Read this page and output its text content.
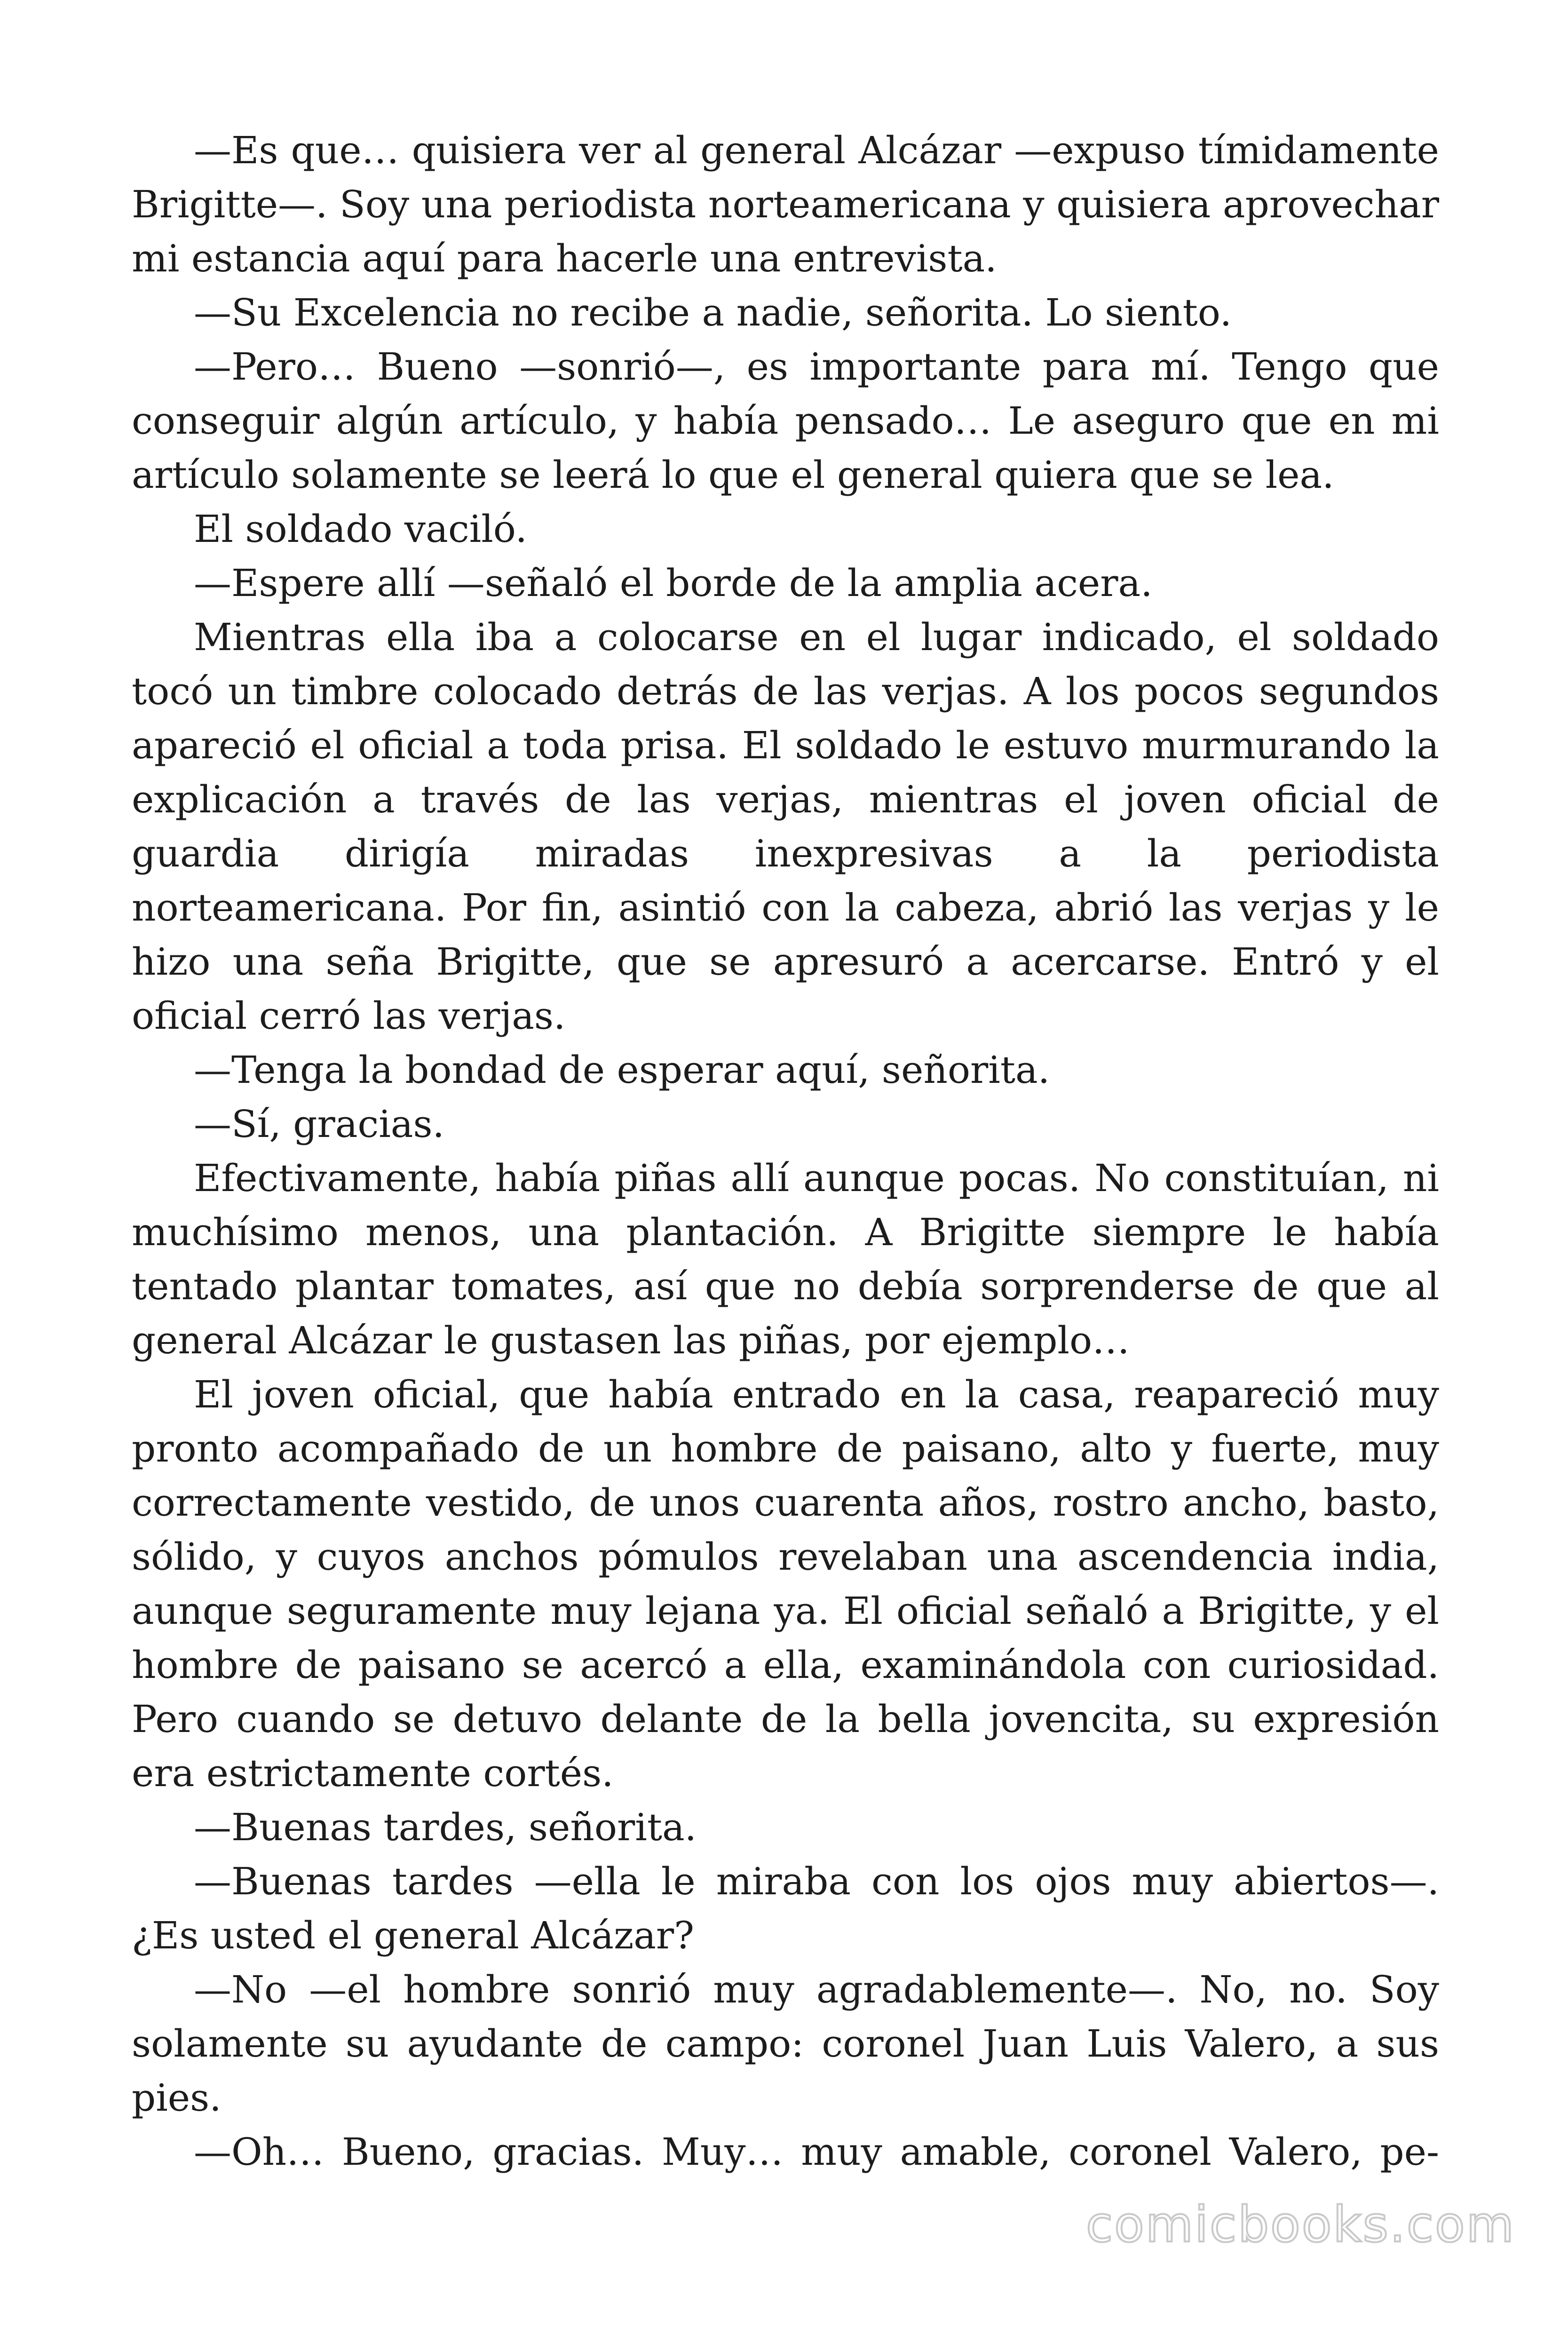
—Es que… quisiera ver al general Alcázar —expuso tímidamente Brigitte—. Soy una periodista norteamericana y quisiera aprovechar mi estancia aquí para hacerle una entrevista.

—Su Excelencia no recibe a nadie, señorita. Lo siento.

—Pero… Bueno —sonrió—, es importante para mí. Tengo que conseguir algún artículo, y había pensado… Le aseguro que en mi artículo solamente se leerá lo que el general quiera que se lea.

El soldado vaciló.

—Espere allí —señaló el borde de la amplia acera.

Mientras ella iba a colocarse en el lugar indicado, el soldado tocó un timbre colocado detrás de las verjas. A los pocos segundos apareció el oficial a toda prisa. El soldado le estuvo murmurando la explicación a través de las verjas, mientras el joven oficial de guardia dirigía miradas inexpresivas a la periodista norteamericana. Por fin, asintió con la cabeza, abrió las verjas y le hizo una seña Brigitte, que se apresuró a acercarse. Entró y el oficial cerró las verjas.

—Tenga la bondad de esperar aquí, señorita.

—Sí, gracias.

Efectivamente, había piñas allí aunque pocas. No constituían, ni muchísimo menos, una plantación. A Brigitte siempre le había tentado plantar tomates, así que no debía sorprenderse de que al general Alcázar le gustasen las piñas, por ejemplo…

El joven oficial, que había entrado en la casa, reapareció muy pronto acompañado de un hombre de paisano, alto y fuerte, muy correctamente vestido, de unos cuarenta años, rostro ancho, basto, sólido, y cuyos anchos pómulos revelaban una ascendencia india, aunque seguramente muy lejana ya. El oficial señaló a Brigitte, y el hombre de paisano se acercó a ella, examinándola con curiosidad. Pero cuando se detuvo delante de la bella jovencita, su expresión era estrictamente cortés.

—Buenas tardes, señorita.

—Buenas tardes —ella le miraba con los ojos muy abiertos—. ¿Es usted el general Alcázar?

—No —el hombre sonrió muy agradablemente—. No, no. Soy solamente su ayudante de campo: coronel Juan Luis Valero, a sus pies.

—Oh… Bueno, gracias. Muy… muy amable, coronel Valero, pe-

comicbooks.com
